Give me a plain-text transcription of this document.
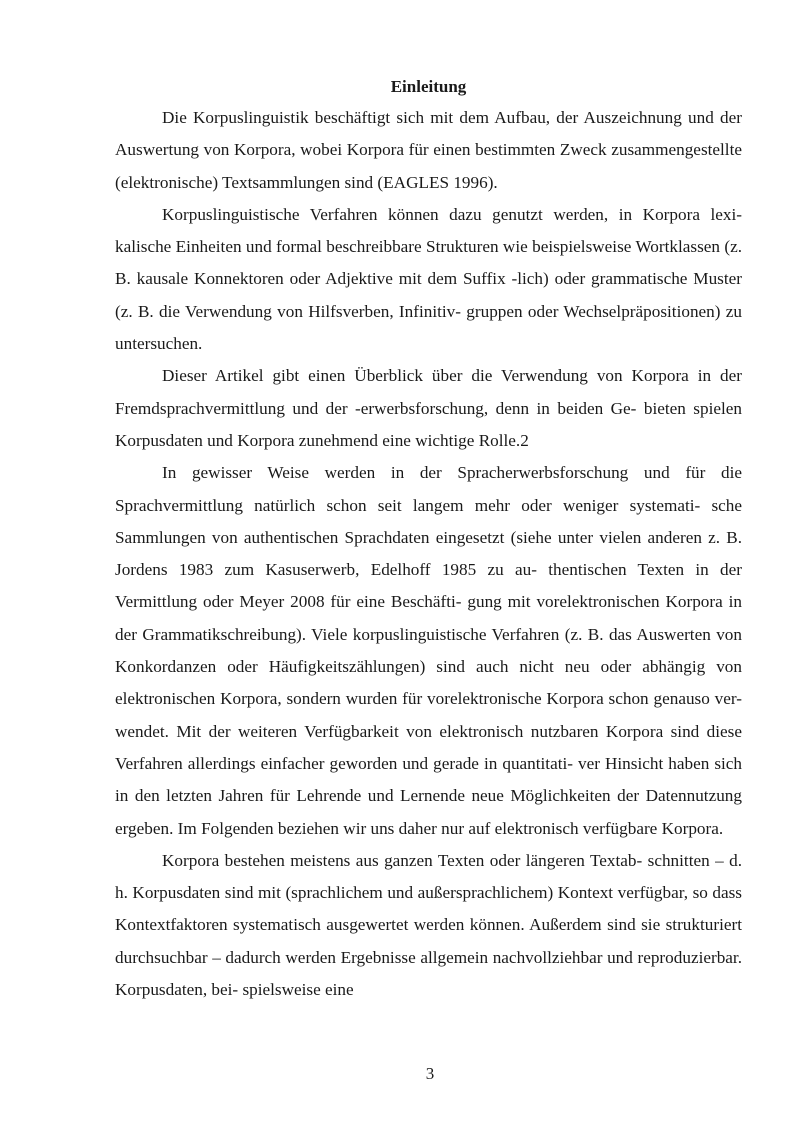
Einleitung

Die Korpuslinguistik beschäftigt sich mit dem Aufbau, der Auszeichnung und der Auswertung von Korpora, wobei Korpora für einen bestimmten Zweck zusammengestellte (elektronische) Textsammlungen sind (EAGLES 1996).

Korpuslinguistische Verfahren können dazu genutzt werden, in Korpora lexi- kalische Einheiten und formal beschreibbare Strukturen wie beispielsweise Wortklassen (z. B. kausale Konnektoren oder Adjektive mit dem Suffix -lich) oder grammatische Muster (z. B. die Verwendung von Hilfsverben, Infinitiv- gruppen oder Wechselpräpositionen) zu untersuchen.

Dieser Artikel gibt einen Überblick über die Verwendung von Korpora in der Fremdsprachvermittlung und der -erwerbsforschung, denn in beiden Ge- bieten spielen Korpusdaten und Korpora zunehmend eine wichtige Rolle.2

In gewisser Weise werden in der Spracherwerbsforschung und für die Sprachvermittlung natürlich schon seit langem mehr oder weniger systemati- sche Sammlungen von authentischen Sprachdaten eingesetzt (siehe unter vielen anderen z. B. Jordens 1983 zum Kasuserwerb, Edelhoff 1985 zu au- thentischen Texten in der Vermittlung oder Meyer 2008 für eine Beschäfti- gung mit vorelektronischen Korpora in der Grammatikschreibung). Viele korpuslinguistische Verfahren (z. B. das Auswerten von Konkordanzen oder Häufigkeitszählungen) sind auch nicht neu oder abhängig von elektronischen Korpora, sondern wurden für vorelektronische Korpora schon genauso ver- wendet. Mit der weiteren Verfügbarkeit von elektronisch nutzbaren Korpora sind diese Verfahren allerdings einfacher geworden und gerade in quantitati- ver Hinsicht haben sich in den letzten Jahren für Lehrende und Lernende neue Möglichkeiten der Datennutzung ergeben. Im Folgenden beziehen wir uns daher nur auf elektronisch verfügbare Korpora.

Korpora bestehen meistens aus ganzen Texten oder längeren Textab- schnitten – d. h. Korpusdaten sind mit (sprachlichem und außersprachlichem) Kontext verfügbar, so dass Kontextfaktoren systematisch ausgewertet werden können. Außerdem sind sie strukturiert durchsuchbar – dadurch werden Ergebnisse allgemein nachvollziehbar und reproduzierbar. Korpusdaten, bei- spielsweise eine

3
